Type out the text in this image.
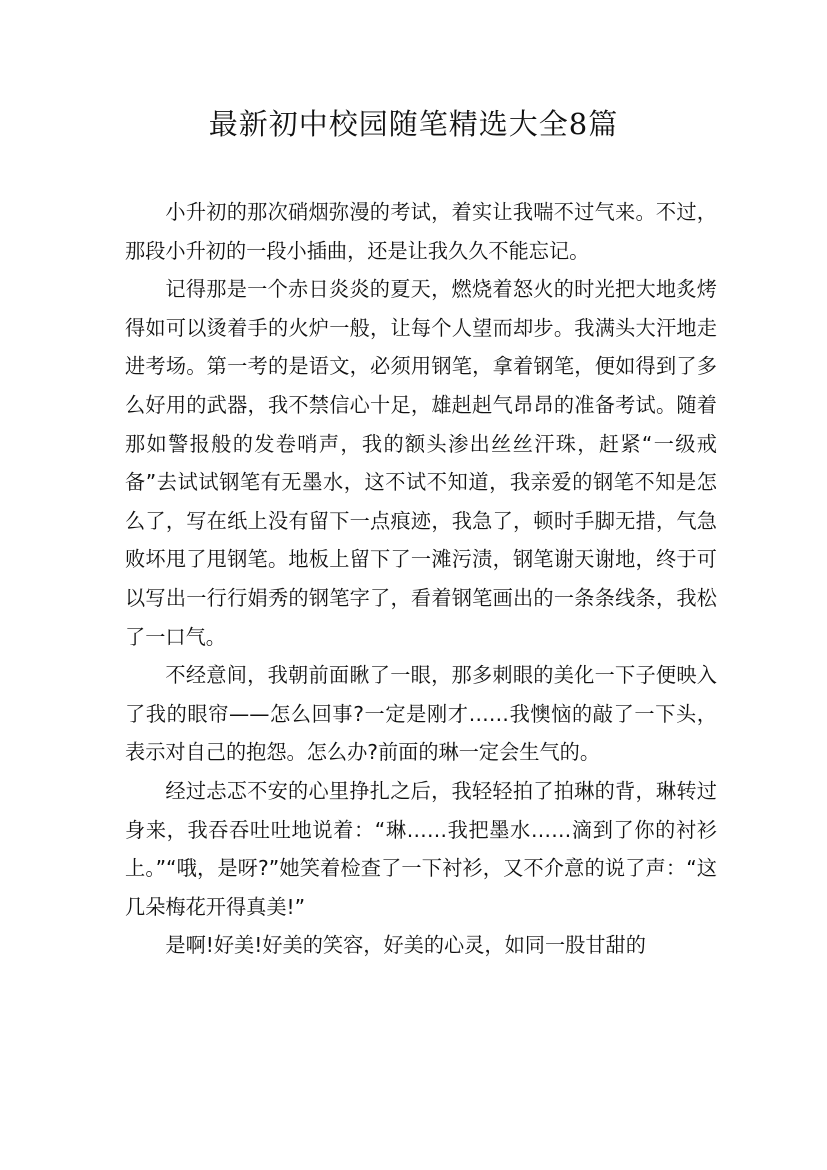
最新初中校园随笔精选大全8篇

小升初的那次硝烟弥漫的考试，着实让我喘不过气来。不过，那段小升初的一段小插曲，还是让我久久不能忘记。

记得那是一个赤日炎炎的夏天，燃烧着怒火的时光把大地炙烤得如可以烫着手的火炉一般，让每个人望而却步。我满头大汗地走进考场。第一考的是语文，必须用钢笔，拿着钢笔，便如得到了多么好用的武器，我不禁信心十足，雄赳赳气昂昂的准备考试。随着那如警报般的发卷哨声，我的额头渗出丝丝汗珠，赶紧“一级戒备”去试试钢笔有无墨水，这不试不知道，我亲爱的钢笔不知是怎么了，写在纸上没有留下一点痕迹，我急了，顿时手脚无措，气急败坏甩了甩钢笔。地板上留下了一滩污渍，钢笔谢天谢地，终于可以写出一行行娟秀的钢笔字了，看着钢笔画出的一条条线条，我松了一口气。

不经意间，我朝前面瞅了一眼，那多刺眼的美化一下子便映入了我的眼帘——怎么回事?一定是刚才……我懊恼的敲了一下头，表示对自己的抱怨。怎么办?前面的琳一定会生气的。

经过忐忑不安的心里挣扎之后，我轻轻拍了拍琳的背，琳转过身来，我吞吞吐吐地说着：“琳……我把墨水……滴到了你的衬衫上。”“哦，是呀?”她笑着检查了一下衬衫，又不介意的说了声：“这几朵梅花开得真美!”

是啊!好美!好美的笑容，好美的心灵，如同一股甘甜的
